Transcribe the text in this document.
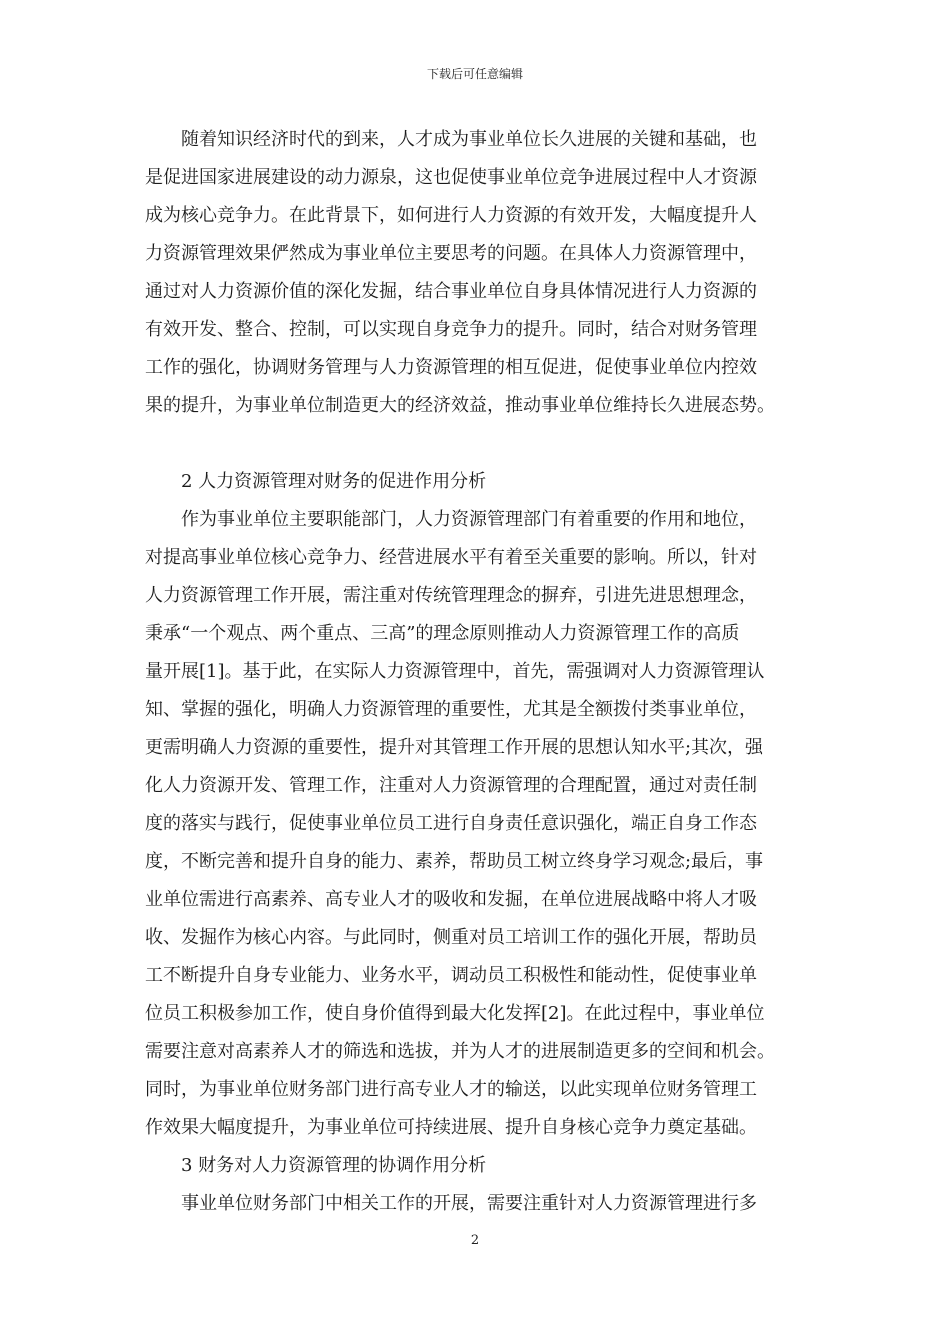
下载后可任意编辑

　　随着知识经济时代的到来，人才成为事业单位长久进展的关键和基础，也

是促进国家进展建设的动力源泉，这也促使事业单位竞争进展过程中人才资源

成为核心竞争力。在此背景下，如何进行人力资源的有效开发，大幅度提升人

力资源管理效果俨然成为事业单位主要思考的问题。在具体人力资源管理中，

通过对人力资源价值的深化发掘，结合事业单位自身具体情况进行人力资源的

有效开发、整合、控制，可以实现自身竞争力的提升。同时，结合对财务管理

工作的强化，协调财务管理与人力资源管理的相互促进，促使事业单位内控效

果的提升，为事业单位制造更大的经济效益，推动事业单位维持长久进展态势。

　　2 人力资源管理对财务的促进作用分析

　　作为事业单位主要职能部门，人力资源管理部门有着重要的作用和地位，

对提高事业单位核心竞争力、经营进展水平有着至关重要的影响。所以，针对

人力资源管理工作开展，需注重对传统管理理念的摒弃，引进先进思想理念，

秉承“一个观点、两个重点、三高”的理念原则推动人力资源管理工作的高质

量开展[1]。基于此，在实际人力资源管理中，首先，需强调对人力资源管理认

知、掌握的强化，明确人力资源管理的重要性，尤其是全额拨付类事业单位，

更需明确人力资源的重要性，提升对其管理工作开展的思想认知水平;其次，强

化人力资源开发、管理工作，注重对人力资源管理的合理配置，通过对责任制

度的落实与践行，促使事业单位员工进行自身责任意识强化，端正自身工作态

度，不断完善和提升自身的能力、素养，帮助员工树立终身学习观念;最后，事

业单位需进行高素养、高专业人才的吸收和发掘，在单位进展战略中将人才吸

收、发掘作为核心内容。与此同时，侧重对员工培训工作的强化开展，帮助员

工不断提升自身专业能力、业务水平，调动员工积极性和能动性，促使事业单

位员工积极参加工作，使自身价值得到最大化发挥[2]。在此过程中，事业单位

需要注意对高素养人才的筛选和选拔，并为人才的进展制造更多的空间和机会。

同时，为事业单位财务部门进行高专业人才的输送，以此实现单位财务管理工

作效果大幅度提升，为事业单位可持续进展、提升自身核心竞争力奠定基础。

　　3 财务对人力资源管理的协调作用分析

　　事业单位财务部门中相关工作的开展，需要注重针对人力资源管理进行多

2
